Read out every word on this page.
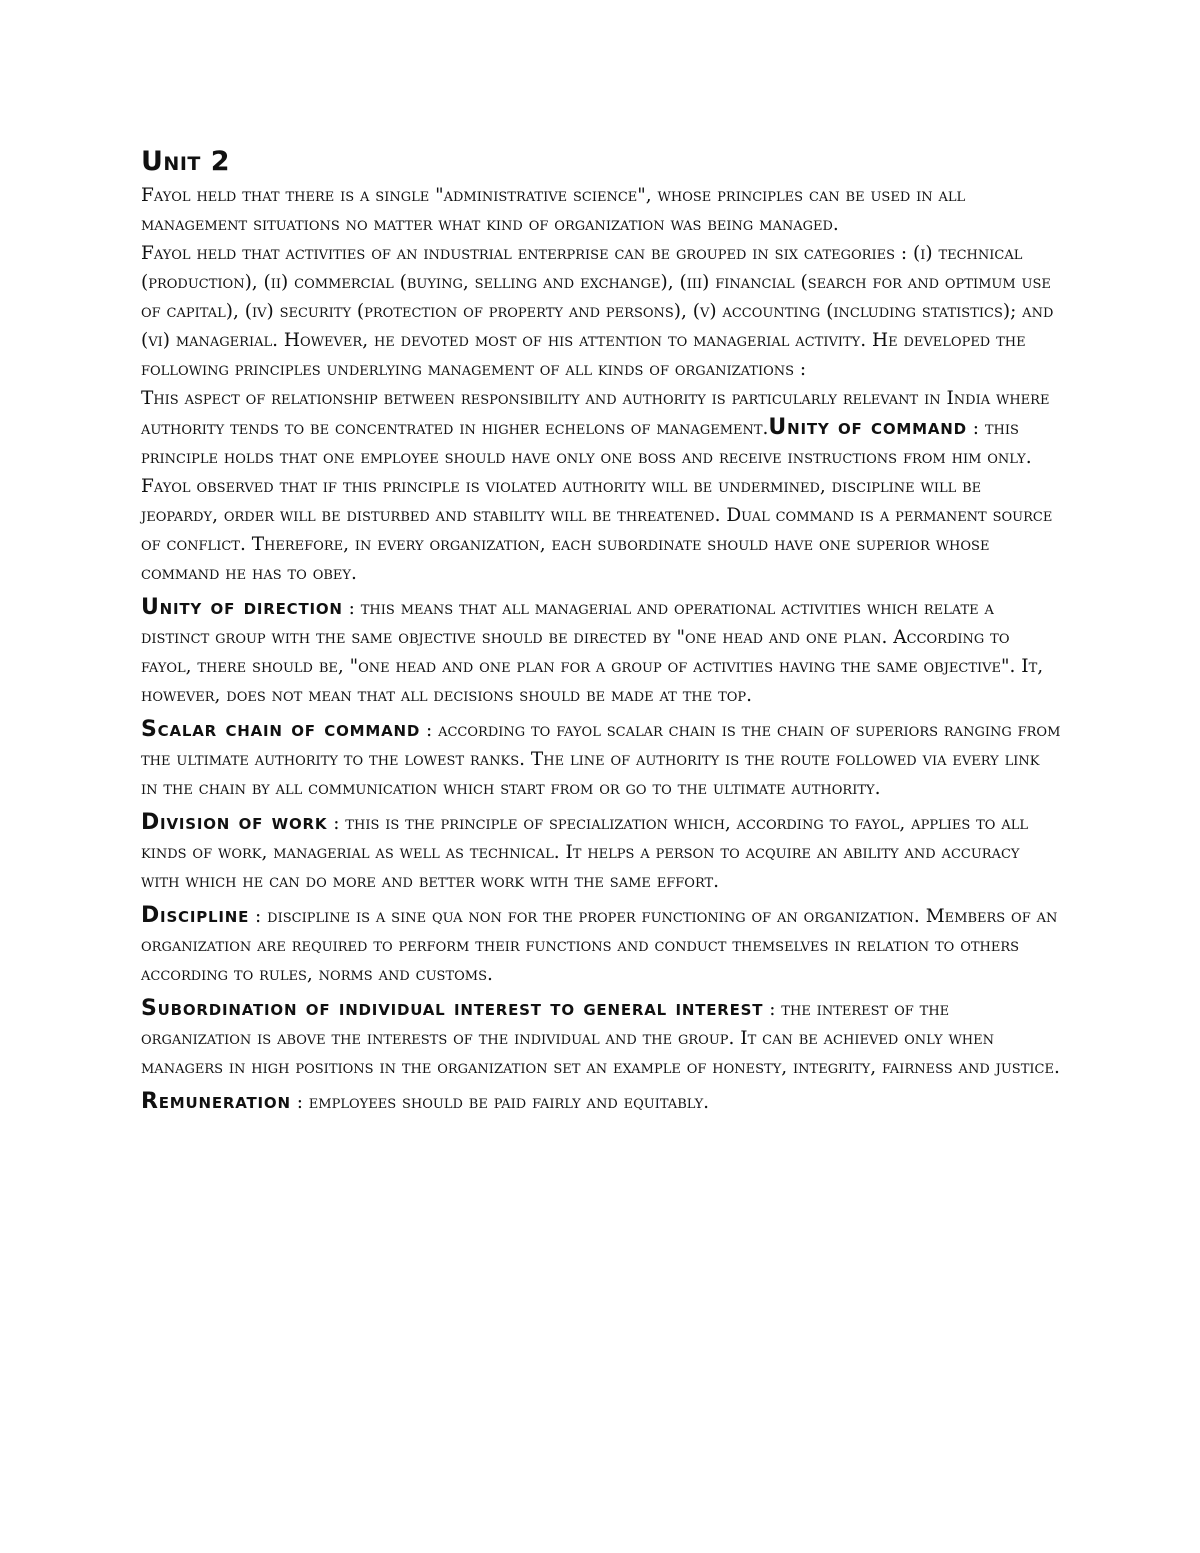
Unit 2

Fayol held that there is a single "administrative science", whose principles can be used in all management situations no matter what kind of organization was being managed.

Fayol held that activities of an industrial enterprise can be grouped in six categories : (i) technical (production), (ii) commercial (buying, selling and exchange), (iii) financial (search for and optimum use of capital), (iv) security (protection of property and persons), (v) accounting (including statistics); and (vi) managerial. However, he devoted most of his attention to managerial activity. He developed the following principles underlying management of all kinds of organizations :

This aspect of relationship between responsibility and authority is particularly relevant in India where authority tends to be concentrated in higher echelons of management.Unity of command : this principle holds that one employee should have only one boss and receive instructions from him only. Fayol observed that if this principle is violated authority will be undermined, discipline will be jeopardy, order will be disturbed and stability will be threatened. Dual command is a permanent source of conflict. Therefore, in every organization, each subordinate should have one superior whose command he has to obey.

Unity of direction : this means that all managerial and operational activities which relate a distinct group with the same objective should be directed by "one head and one plan. According to fayol, there should be, "one head and one plan for a group of activities having the same objective". It, however, does not mean that all decisions should be made at the top.

Scalar chain of command : according to fayol scalar chain is the chain of superiors ranging from the ultimate authority to the lowest ranks. The line of authority is the route followed via every link in the chain by all communication which start from or go to the ultimate authority.

Division of work : this is the principle of specialization which, according to fayol, applies to all kinds of work, managerial as well as technical. It helps a person to acquire an ability and accuracy with which he can do more and better work with the same effort.

Discipline : discipline is a sine qua non for the proper functioning of an organization. Members of an organization are required to perform their functions and conduct themselves in relation to others according to rules, norms and customs.

Subordination of individual interest to general interest : the interest of the organization is above the interests of the individual and the group. It can be achieved only when managers in high positions in the organization set an example of honesty, integrity, fairness and justice.

Remuneration : employees should be paid fairly and equitably.
